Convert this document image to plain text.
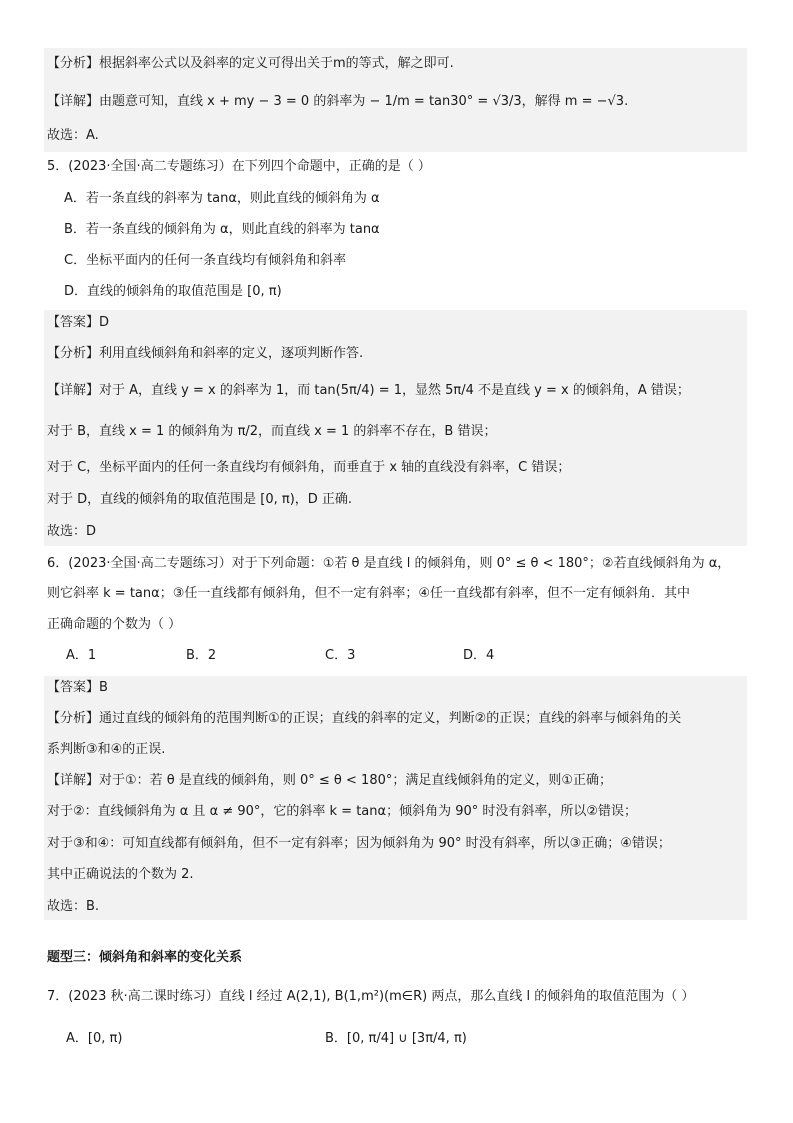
【分析】根据斜率公式以及斜率的定义可得出关于m的等式，解之即可.
【详解】由题意可知，直线 x + my − 3 = 0 的斜率为 − 1/m = tan30° = √3/3，解得 m = −√3.
故选：A.
5．(2023·全国·高二专题练习）在下列四个命题中，正确的是（ ）
A．若一条直线的斜率为 tanα，则此直线的倾斜角为 α
B．若一条直线的倾斜角为 α，则此直线的斜率为 tanα
C．坐标平面内的任何一条直线均有倾斜角和斜率
D．直线的倾斜角的取值范围是 [0, π)
【答案】D
【分析】利用直线倾斜角和斜率的定义，逐项判断作答.
【详解】对于 A，直线 y = x 的斜率为 1，而 tan(5π/4) = 1，显然 5π/4 不是直线 y = x 的倾斜角，A 错误；
对于 B，直线 x = 1 的倾斜角为 π/2，而直线 x = 1 的斜率不存在，B 错误；
对于 C，坐标平面内的任何一条直线均有倾斜角，而垂直于 x 轴的直线没有斜率，C 错误；
对于 D，直线的倾斜角的取值范围是 [0, π)，D 正确.
故选：D
6．(2023·全国·高二专题练习）对于下列命题：①若 θ 是直线 l 的倾斜角，则 0° ≤ θ < 180°；②若直线倾斜角为 α，
则它斜率 k = tanα；③任一直线都有倾斜角，但不一定有斜率；④任一直线都有斜率，但不一定有倾斜角．其中
正确命题的个数为（ ）
A．1	B．2	C．3	D．4
【答案】B
【分析】通过直线的倾斜角的范围判断①的正误；直线的斜率的定义，判断②的正误；直线的斜率与倾斜角的关
系判断③和④的正误.
【详解】对于①：若 θ 是直线的倾斜角，则 0° ≤ θ < 180°；满足直线倾斜角的定义，则①正确；
对于②：直线倾斜角为 α 且 α ≠ 90°，它的斜率 k = tanα；倾斜角为 90° 时没有斜率，所以②错误；
对于③和④：可知直线都有倾斜角，但不一定有斜率；因为倾斜角为 90° 时没有斜率，所以③正确；④错误；
其中正确说法的个数为 2.
故选：B.
题型三：倾斜角和斜率的变化关系
7．(2023 秋·高二课时练习）直线 l 经过 A(2,1), B(1,m²)(m∈R) 两点，那么直线 l 的倾斜角的取值范围为（ ）
A．[0, π)	B．[0, π/4] ∪ [3π/4, π)
